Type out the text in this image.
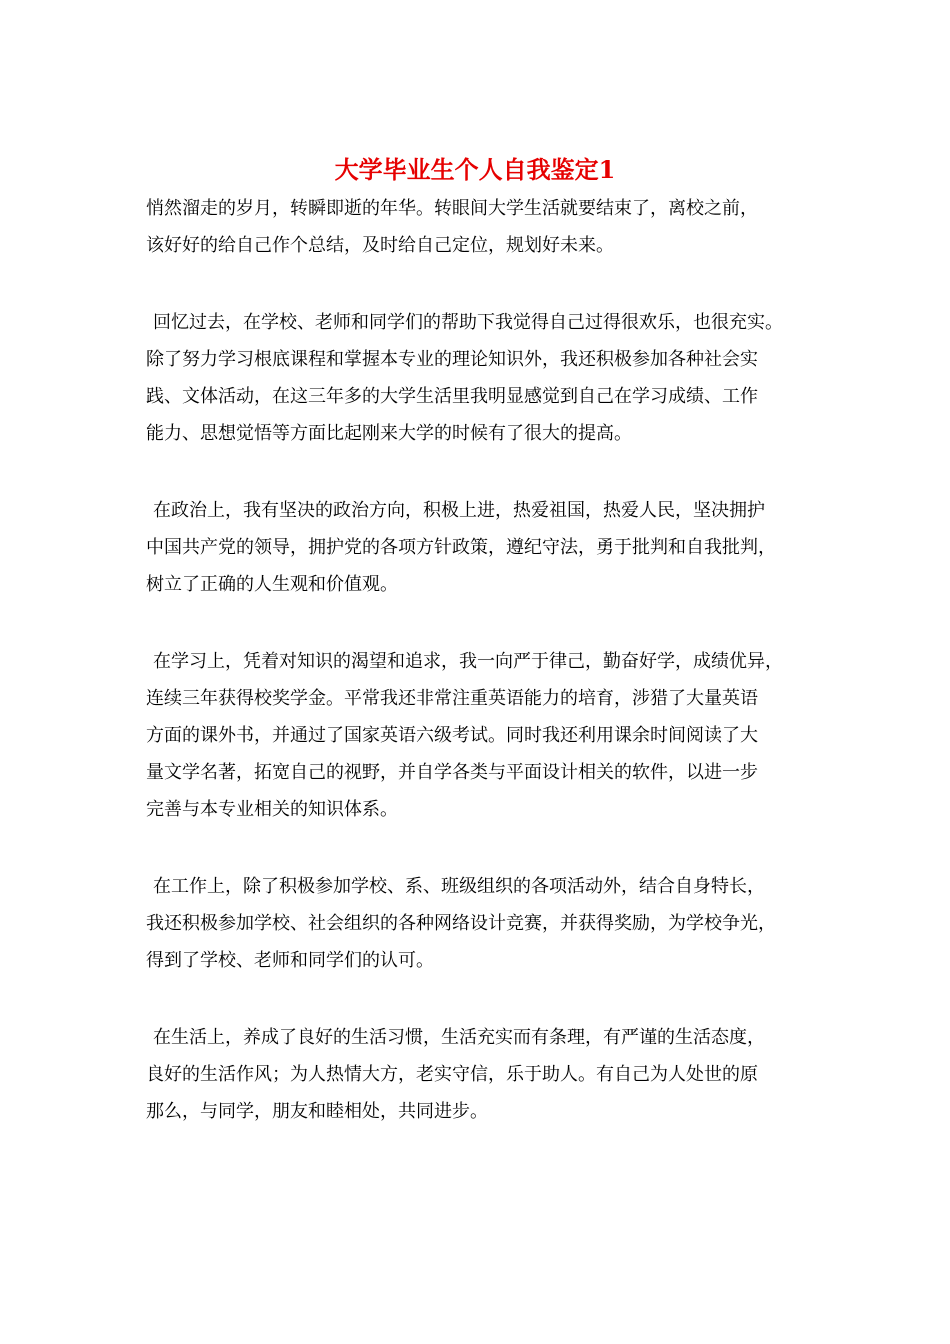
大学毕业生个人自我鉴定1

悄然溜走的岁月，转瞬即逝的年华。转眼间大学生活就要结束了，离校之前，
该好好的给自己作个总结，及时给自己定位，规划好未来。

回忆过去，在学校、老师和同学们的帮助下我觉得自己过得很欢乐，也很充实。
除了努力学习根底课程和掌握本专业的理论知识外，我还积极参加各种社会实
践、文体活动，在这三年多的大学生活里我明显感觉到自己在学习成绩、工作
能力、思想觉悟等方面比起刚来大学的时候有了很大的提高。

在政治上，我有坚决的政治方向，积极上进，热爱祖国，热爱人民，坚决拥护
中国共产党的领导，拥护党的各项方针政策，遵纪守法，勇于批判和自我批判，
树立了正确的人生观和价值观。

在学习上，凭着对知识的渴望和追求，我一向严于律己，勤奋好学，成绩优异，
连续三年获得校奖学金。平常我还非常注重英语能力的培育，涉猎了大量英语
方面的课外书，并通过了国家英语六级考试。同时我还利用课余时间阅读了大
量文学名著，拓宽自己的视野，并自学各类与平面设计相关的软件，以进一步
完善与本专业相关的知识体系。

在工作上，除了积极参加学校、系、班级组织的各项活动外，结合自身特长，
我还积极参加学校、社会组织的各种网络设计竞赛，并获得奖励，为学校争光，
得到了学校、老师和同学们的认可。

在生活上，养成了良好的生活习惯，生活充实而有条理，有严谨的生活态度，
良好的生活作风；为人热情大方，老实守信，乐于助人。有自己为人处世的原
那么，与同学，朋友和睦相处，共同进步。
